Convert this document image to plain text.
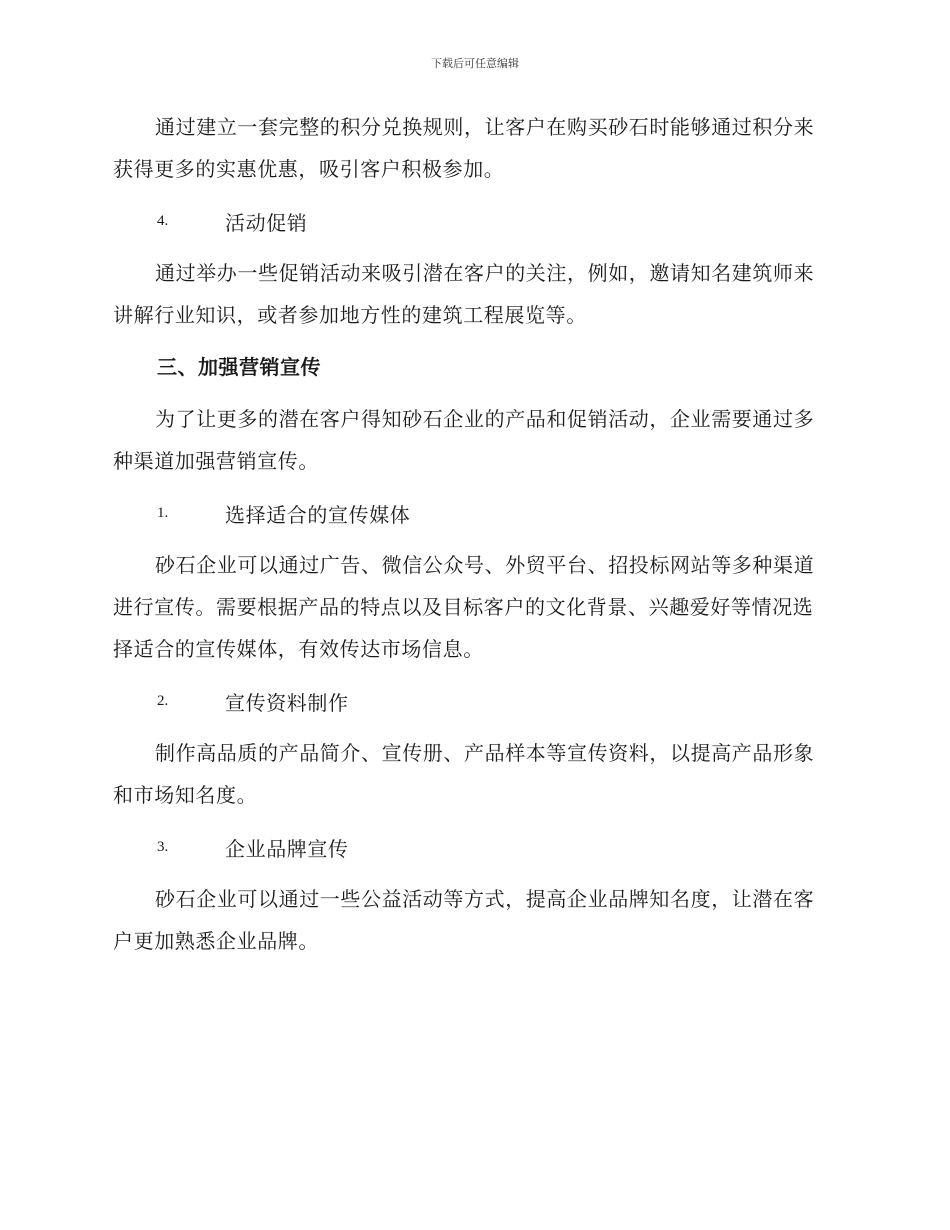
下载后可任意编辑

通过建立一套完整的积分兑换规则，让客户在购买砂石时能够通过积分来获得更多的实惠优惠，吸引客户积极参加。

4.	活动促销

通过举办一些促销活动来吸引潜在客户的关注，例如，邀请知名建筑师来讲解行业知识，或者参加地方性的建筑工程展览等。

三、加强营销宣传

为了让更多的潜在客户得知砂石企业的产品和促销活动，企业需要通过多种渠道加强营销宣传。

1.	选择适合的宣传媒体

砂石企业可以通过广告、微信公众号、外贸平台、招投标网站等多种渠道进行宣传。需要根据产品的特点以及目标客户的文化背景、兴趣爱好等情况选择适合的宣传媒体，有效传达市场信息。

2.	宣传资料制作

制作高品质的产品简介、宣传册、产品样本等宣传资料，以提高产品形象和市场知名度。

3.	企业品牌宣传

砂石企业可以通过一些公益活动等方式，提高企业品牌知名度，让潜在客户更加熟悉企业品牌。
